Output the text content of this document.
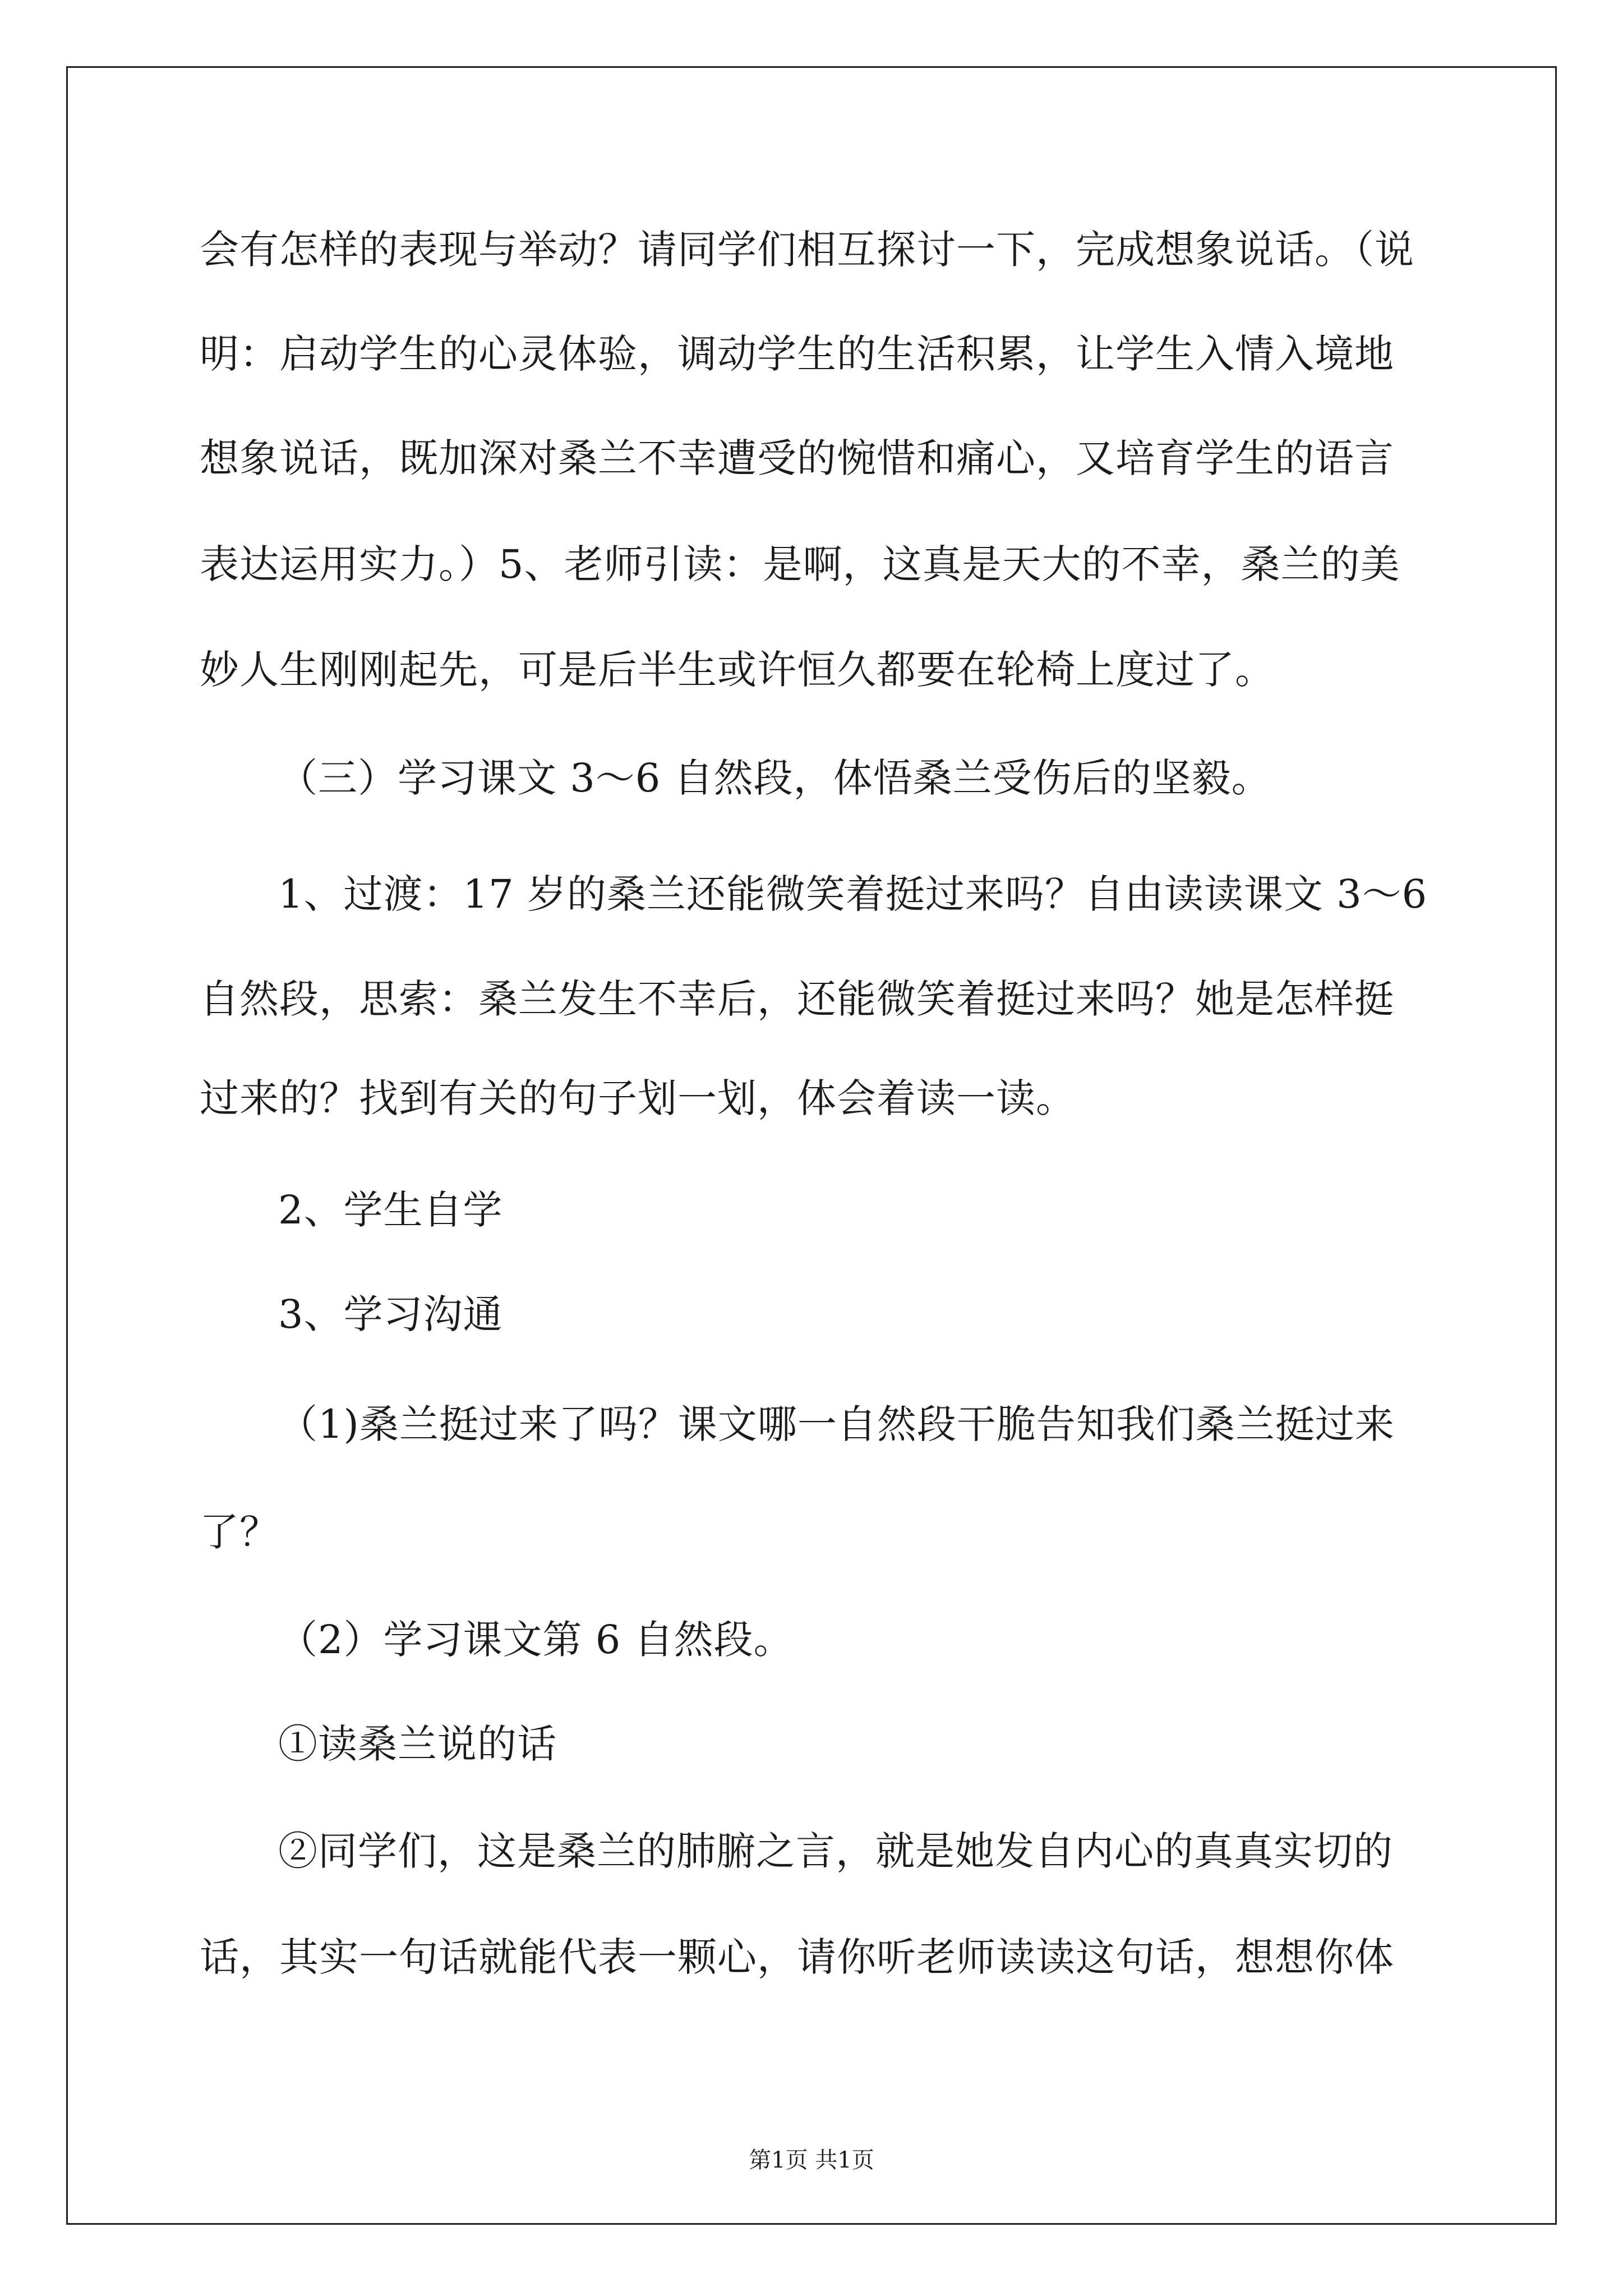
会有怎样的表现与举动？请同学们相互探讨一下，完成想象说话。（说
明：启动学生的心灵体验，调动学生的生活积累，让学生入情入境地
想象说话，既加深对桑兰不幸遭受的惋惜和痛心，又培育学生的语言
表达运用实力。）5、老师引读：是啊，这真是天大的不幸，桑兰的美
妙人生刚刚起先，可是后半生或许恒久都要在轮椅上度过了。
（三）学习课文 3～6 自然段，体悟桑兰受伤后的坚毅。
1、过渡：17 岁的桑兰还能微笑着挺过来吗？自由读读课文 3～6
自然段，思索：桑兰发生不幸后，还能微笑着挺过来吗？她是怎样挺
过来的？找到有关的句子划一划，体会着读一读。
2、学生自学
3、学习沟通
（1)桑兰挺过来了吗？课文哪一自然段干脆告知我们桑兰挺过来
了？
（2）学习课文第 6 自然段。
①读桑兰说的话
②同学们，这是桑兰的肺腑之言，就是她发自内心的真真实切的
话，其实一句话就能代表一颗心，请你听老师读读这句话，想想你体
第1页 共1页
